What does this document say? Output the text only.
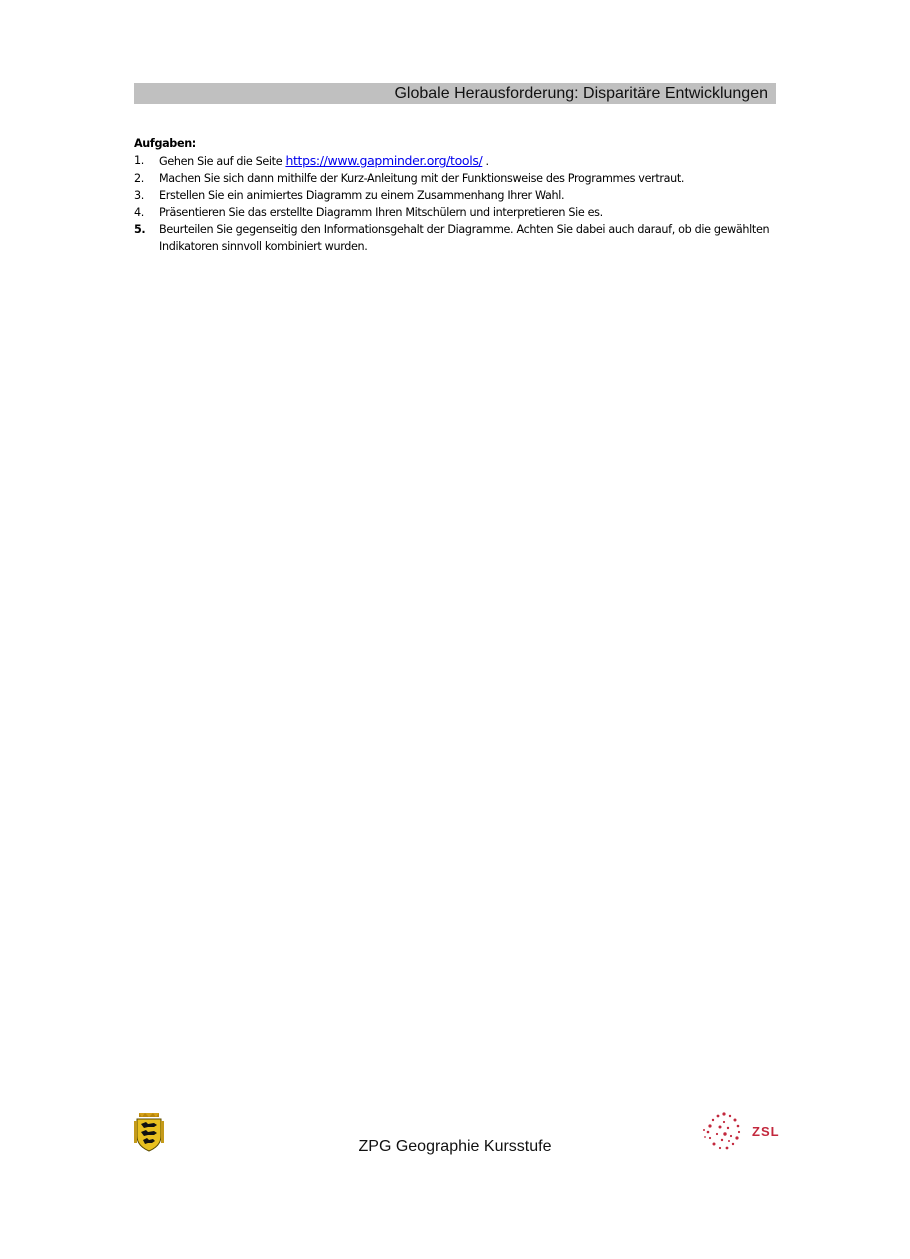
Globale Herausforderung: Disparitäre Entwicklungen

Aufgaben:

1.	Gehen Sie auf die Seite https://www.gapminder.org/tools/ .
2.	Machen Sie sich dann mithilfe der Kurz-Anleitung mit der Funktionsweise des Programmes vertraut.
3.	Erstellen Sie ein animiertes Diagramm zu einem Zusammenhang Ihrer Wahl.
4.	Präsentieren Sie das erstellte Diagramm Ihren Mitschülern und interpretieren Sie es.
5.	Beurteilen Sie gegenseitig den Informationsgehalt der Diagramme. Achten Sie dabei auch darauf, ob die gewählten Indikatoren sinnvoll kombiniert wurden.
ZPG Geographie Kursstufe
ZSL
